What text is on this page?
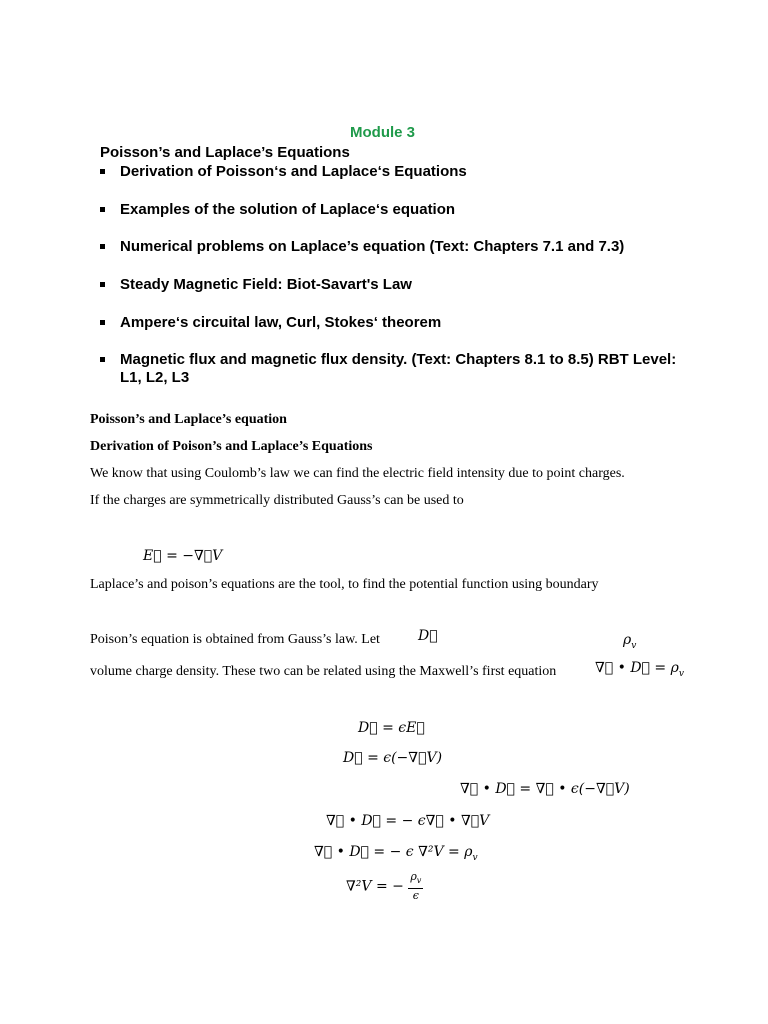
Module 3
Poisson’s and Laplace’s Equations
Derivation of Poisson‘s and Laplace‘s Equations
Examples of the solution of Laplace‘s equation
Numerical problems on Laplace’s equation (Text: Chapters 7.1 and 7.3)
Steady Magnetic Field: Biot-Savart's Law
Ampere‘s circuital law, Curl, Stokes‘ theorem
Magnetic flux and magnetic flux density. (Text: Chapters 8.1 to 8.5) RBT Level: L1, L2, L3
Poisson’s and Laplace’s equation
Derivation of Poison’s and Laplace’s Equations
We know that using Coulomb’s law we can find the electric field intensity due to point charges.
If the charges are symmetrically distributed Gauss’s can be used to
E⃗ = −∇⃗V
Laplace’s and poison’s equations are the tool, to find the potential function using boundary
Poison’s equation is obtained from Gauss’s law. Let	D⃗	$\rho_v$
volume charge density. These two can be related using the Maxwell’s first equation	∇⃗ • D⃗ = $\rho_v$
D⃗ = ϵE⃗
D⃗ = ϵ(−∇⃗V)
∇⃗ • D⃗ = ∇⃗ • ϵ(−∇⃗V)
∇⃗ • D⃗ = − ϵ∇⃗ • ∇⃗V
∇⃗ • D⃗ = − ϵ $\nabla^2V = \rho_v$
∇²V = − $\frac{\rho_v}{\epsilon}$
